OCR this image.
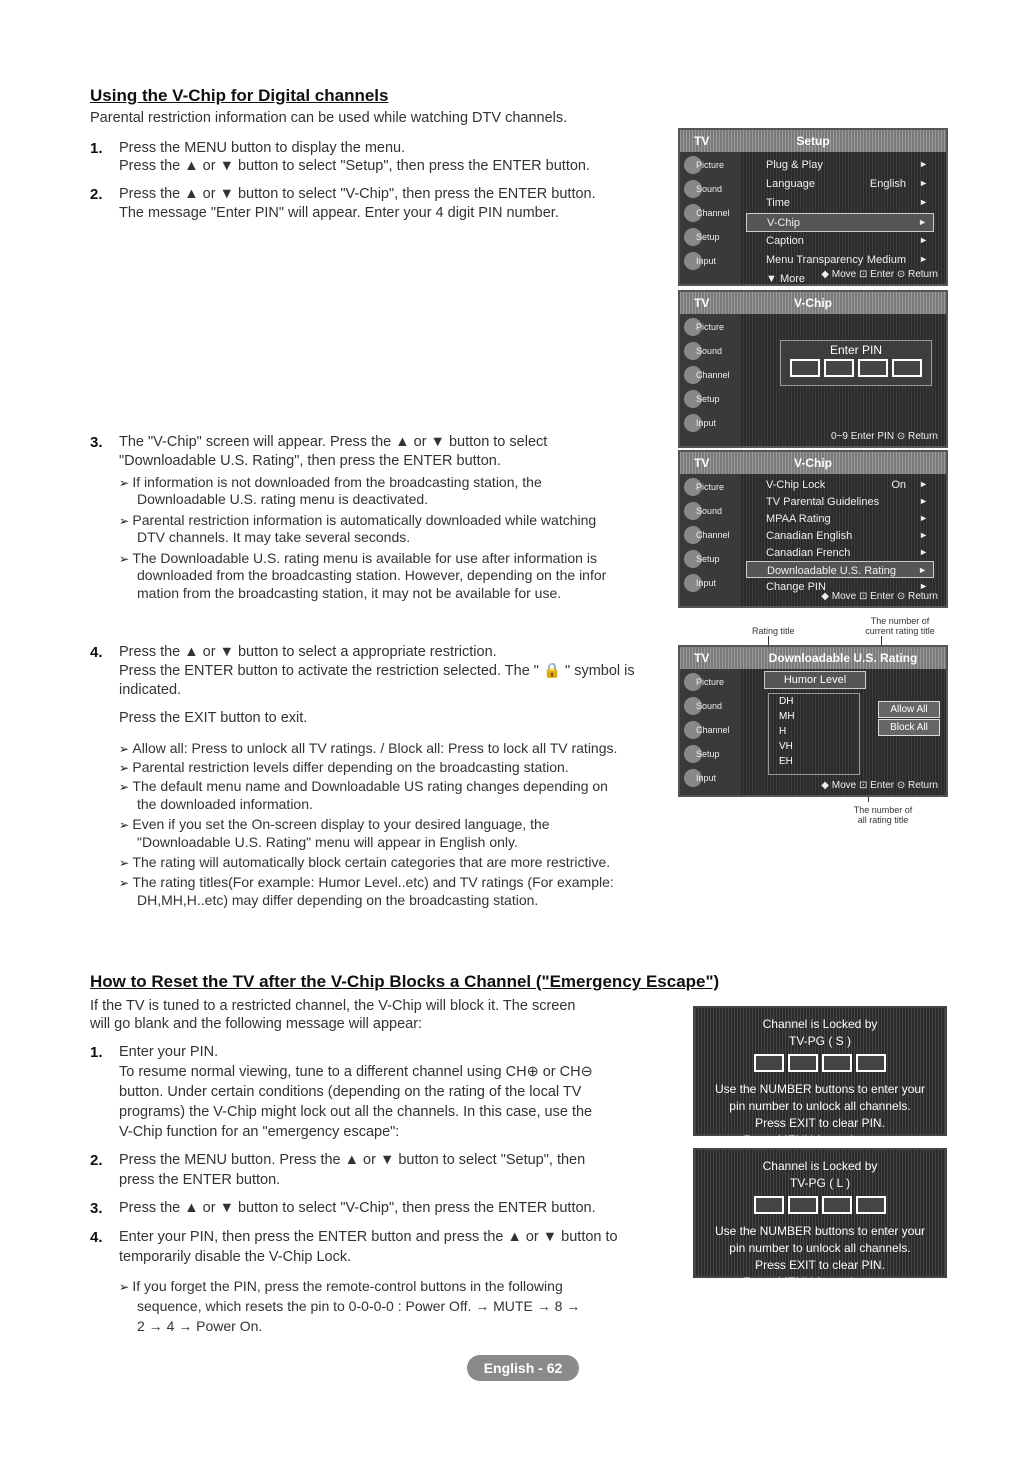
Using the V-Chip for Digital channels
Parental restriction information can be used while watching DTV channels.
1. Press the MENU button to display the menu.
Press the ▲ or ▼ button to select "Setup", then press the ENTER button.
2. Press the ▲ or ▼ button to select "V-Chip", then press the ENTER button.
The message "Enter PIN" will appear. Enter your 4 digit PIN number.
3. The "V-Chip" screen will appear. Press the ▲ or ▼ button to select
"Downloadable U.S. Rating", then press the ENTER button.
➢ If information is not downloaded from the broadcasting station, the
Downloadable U.S. rating menu is deactivated.
➢ Parental restriction information is automatically downloaded while watching
DTV channels. It may take several seconds.
➢ The Downloadable U.S. rating menu is available for use after information is
downloaded from the broadcasting station. However, depending on the infor
mation from the broadcasting station, it may not be available for use.
4. Press the ▲ or ▼ button to select a appropriate restriction.
Press the ENTER button to activate the restriction selected. The " 🔒 " symbol is
indicated.
Press the EXIT button to exit.
➢ Allow all: Press to unlock all TV ratings. / Block all: Press to lock all TV ratings.
➢ Parental restriction levels differ depending on the broadcasting station.
➢ The default menu name and Downloadable US rating changes depending on
the downloaded information.
➢ Even if you set the On-screen display to your desired language, the
"Downloadable U.S. Rating" menu will appear in English only.
➢ The rating will automatically block certain categories that are more restrictive.
➢ The rating titles(For example: Humor Level..etc) and TV ratings (For example:
DH,MH,H..etc) may differ depending on the broadcasting station.
TV	Setup
Picture
Sound
Channel
Setup
Input
Plug & Play	►
Language	English ►
Time	►
V-Chip	►
Caption	►
Menu Transparency Medium ►
▼ More ◆ Move ⊡ Enter ⊙ Return
TV	V-Chip
Picture
Sound
Channel
Setup
Input
Enter PIN
0~9 Enter PIN ⊙ Return
TV	V-Chip
Picture
Sound
Channel
Setup
Input
V-Chip Lock	On ►
TV Parental Guidelines	►
MPAA Rating	►
Canadian English	►
Canadian French	►
Downloadable U.S. Rating ►
Change PIN	►
◆ Move ⊡ Enter ⊙ Return
Rating title
The number of
current rating title
TV	Downloadable U.S. Rating
Picture
Sound
Channel
Setup
Input
Humor Level
DH
MH
H
VH
EH
Allow All
Block All
◆ Move ⊡ Enter ⊙ Return
The number of
all rating title
How to Reset the TV after the V-Chip Blocks a Channel ("Emergency Escape")
If the TV is tuned to a restricted channel, the V-Chip will block it. The screen
will go blank and the following message will appear:
1. Enter your PIN.
To resume normal viewing, tune to a different channel using CH⊕ or CH⊖
button. Under certain conditions (depending on the rating of the local TV
programs) the V-Chip might lock out all the channels. In this case, use the
V-Chip function for an "emergency escape":
2. Press the MENU button. Press the ▲ or ▼ button to select "Setup", then
press the ENTER button.
3. Press the ▲ or ▼ button to select "V-Chip", then press the ENTER button.
4. Enter your PIN, then press the ENTER button and press the ▲ or ▼ button to
temporarily disable the V-Chip Lock.
➢ If you forget the PIN, press the remote-control buttons in the following
sequence, which resets the pin to 0-0-0-0 : Power Off. → MUTE → 8 →
2 → 4 → Power On.
Channel is Locked by
TV-PG ( S )
Use the NUMBER buttons to enter your
pin number to unlock all channels.
Press EXIT to clear PIN.
Press MENU for main menu.
Channel is Locked by
TV-PG ( L )
Use the NUMBER buttons to enter your
pin number to unlock all channels.
Press EXIT to clear PIN.
Press MENU for main menu.
English - 62
